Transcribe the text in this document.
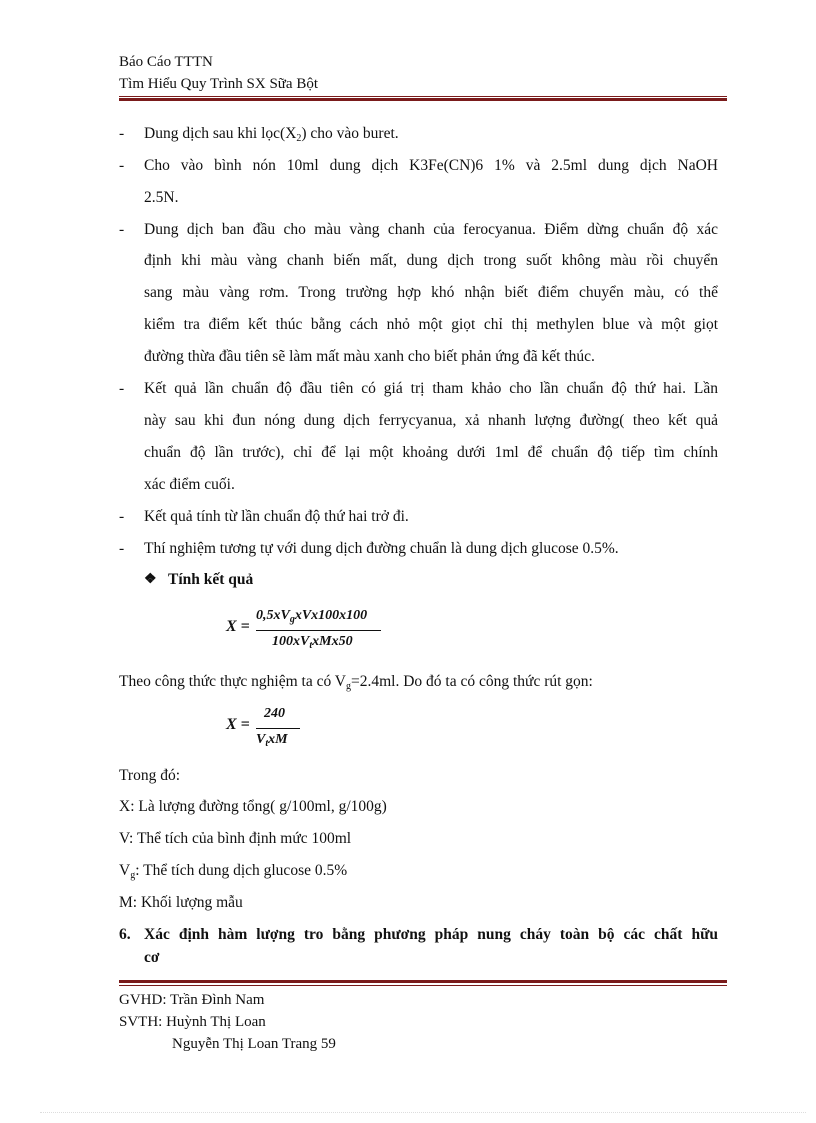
Báo Cáo TTTN
Tìm Hiểu Quy Trình SX Sữa Bột
- Dung dịch sau khi $lọc(X_2)$ cho vào buret.
- Cho vào bình nón 10ml dung dịch K3Fe(CN)6 1% và 2.5ml dung dịch NaOH
2.5N.
- Dung dịch ban đầu cho màu vàng chanh của ferocyanua. Điểm dừng chuẩn độ xác
định khi màu vàng chanh biến mất, dung dịch trong suốt không màu rồi chuyển
sang màu vàng rơm. Trong trường hợp khó nhận biết điểm chuyển màu, có thể
kiểm tra điểm kết thúc bằng cách nhỏ một giọt chỉ thị methylen blue và một giọt
đường thừa đầu tiên sẽ làm mất màu xanh cho biết phản ứng đã kết thúc.
- Kết quả lần chuẩn độ đầu tiên có giá trị tham khảo cho lần chuẩn độ thứ hai. Lần
này sau khi đun nóng dung dịch ferrycyanua, xả nhanh lượng đường( theo kết quả
chuẩn độ lần trước), chỉ để lại một khoảng dưới 1ml để chuẩn độ tiếp tìm chính
xác điểm cuối.
- Kết quả tính từ lần chuẩn độ thứ hai trở đi.
- Thí nghiệm tương tự với dung dịch đường chuẩn là dung dịch glucose 0.5%.
❖ Tính kết quả
X =
$0,5xV_gxVx100x100$
$100xV_txMx50$
Theo công thức thực nghiệm ta có $V_g=2.4ml$. Do đó ta có công thức rút gọn:
X =
240
$V_txM$
Trong đó:
X: Là lượng đường tổng( g/100ml, g/100g)
V: Thể tích của bình định mức 100ml
$V_g$: Thể tích dung dịch glucose 0.5%
M: Khối lượng mẫu
6. Xác định hàm lượng tro bằng phương pháp nung cháy toàn bộ các chất hữu
cơ
GVHD: Trần Đình Nam
SVTH: Huỳnh Thị Loan
Nguyễn Thị Loan Trang 59
